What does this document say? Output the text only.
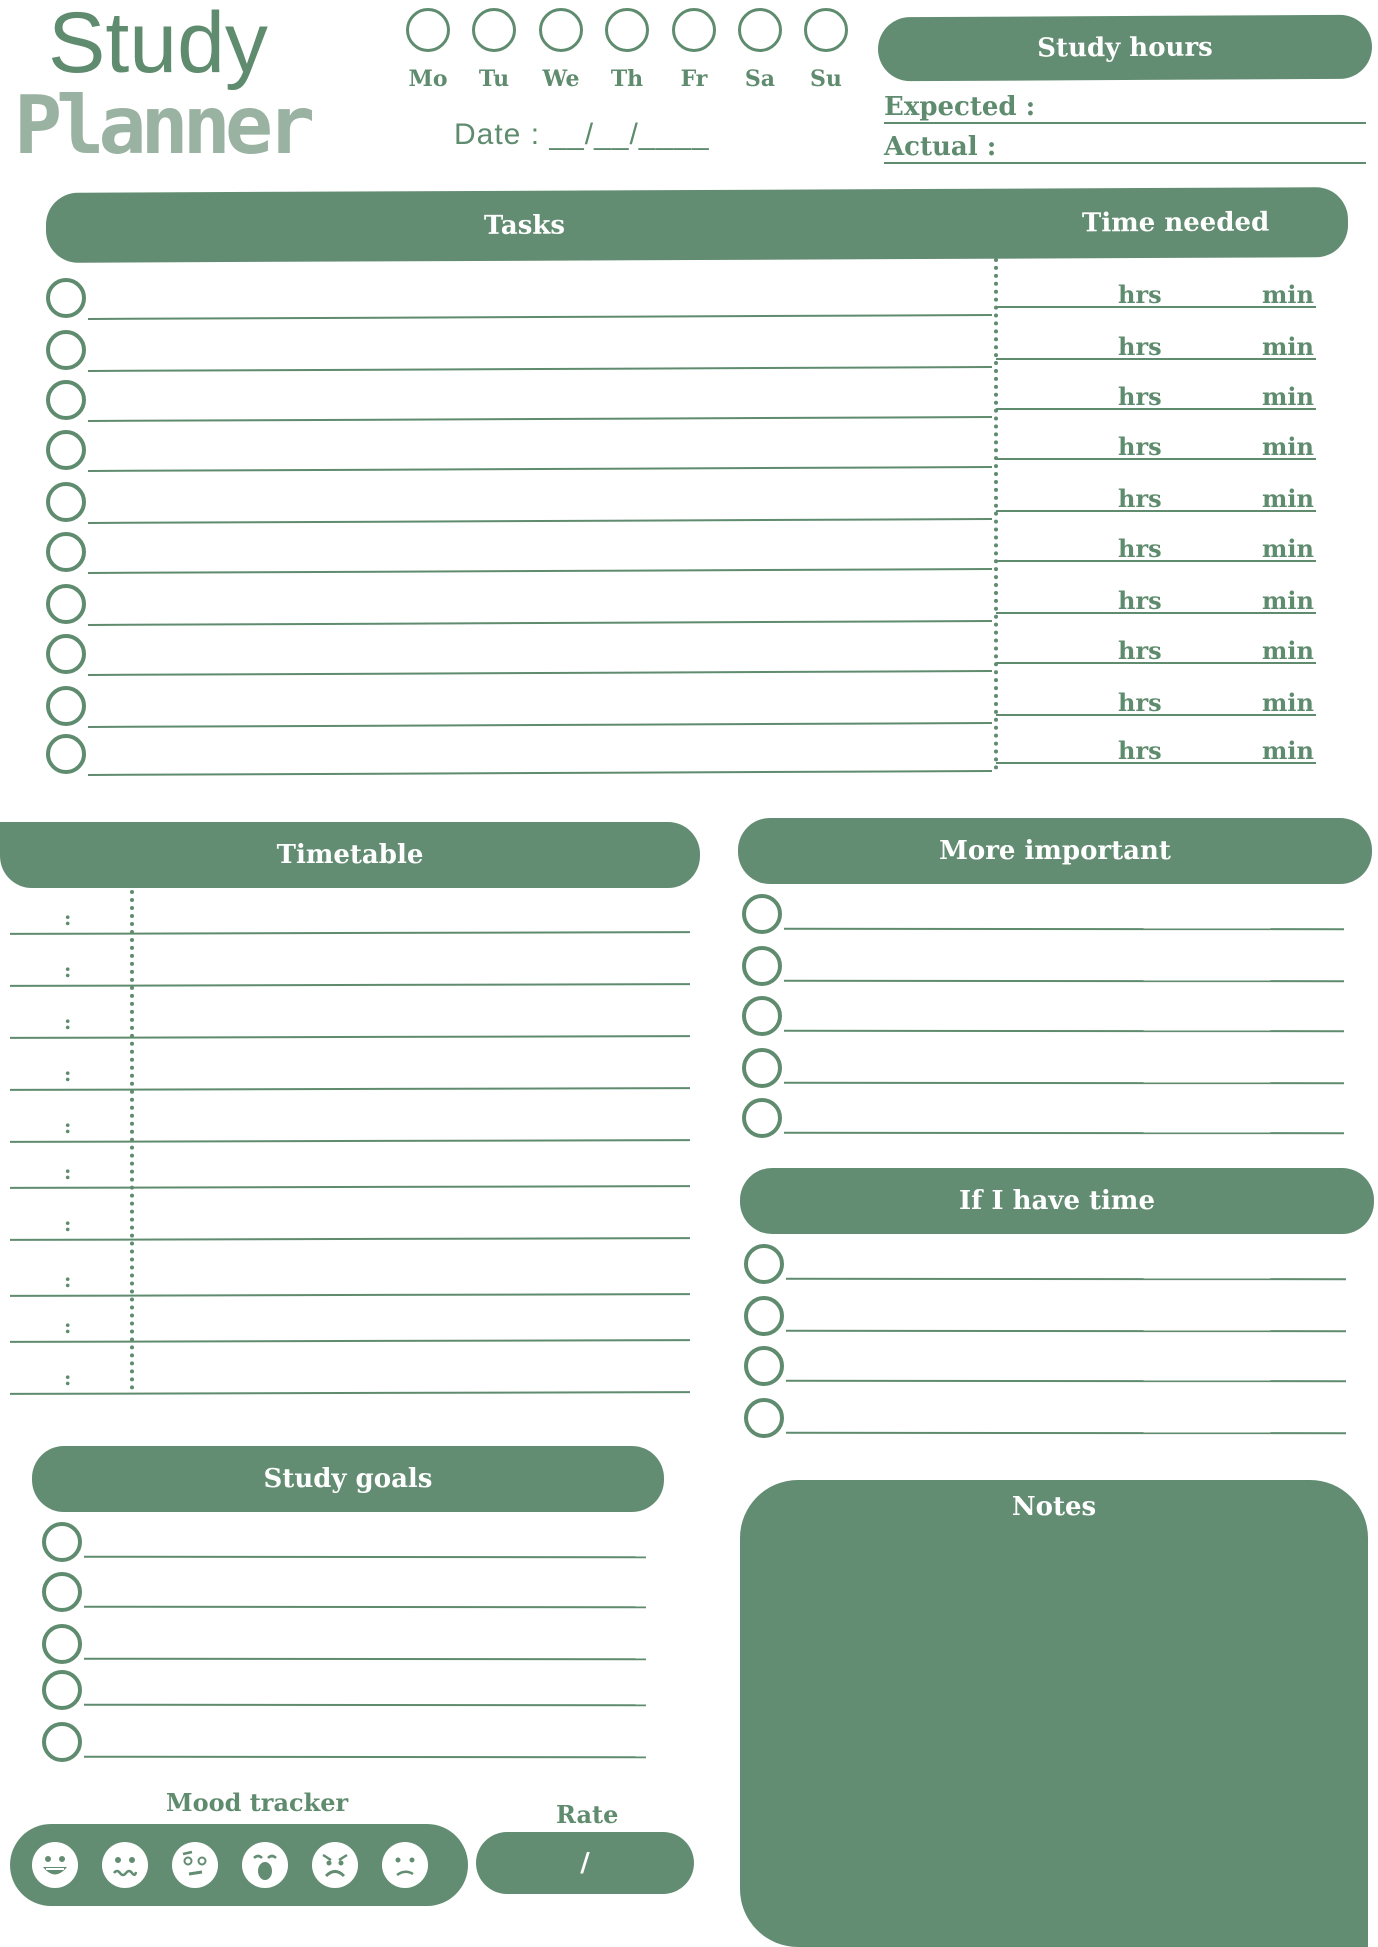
Study
Planner	Mo	Tu	We	Th	Fr	Sa	Su
Date : __/__/____
Study hours
Expected :
Actual :
Tasks	Time needed
hrs	min
hrs	min
hrs	min
hrs	min
hrs	min
hrs	min
hrs	min
hrs	min
hrs	min
hrs	min
Timetable
:
:
:
:
:
:
:
:
:
:
More important
If I have time
Study goals
Mood tracker	Rate
/
Notes
